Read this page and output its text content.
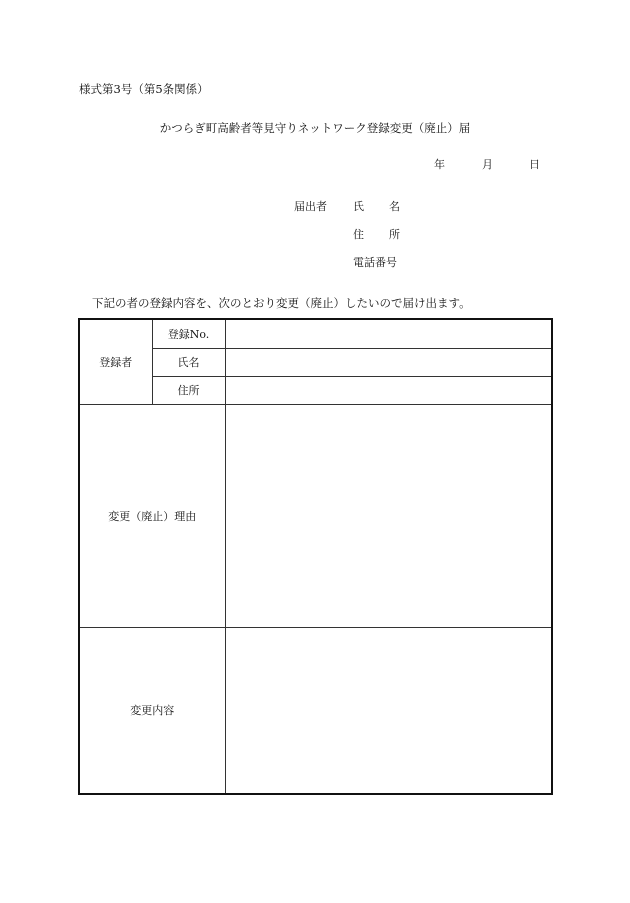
様式第3号（第5条関係）
かつらぎ町高齢者等見守りネットワーク登録変更（廃止）届
年	月	日
届出者 氏 名
住 所
電話番号
下記の者の登録内容を、次のとおり変更（廃止）したいので届け出ます。
登録者	登録No.	
	氏名	
	住所	
変更（廃止）理由		
変更内容		
